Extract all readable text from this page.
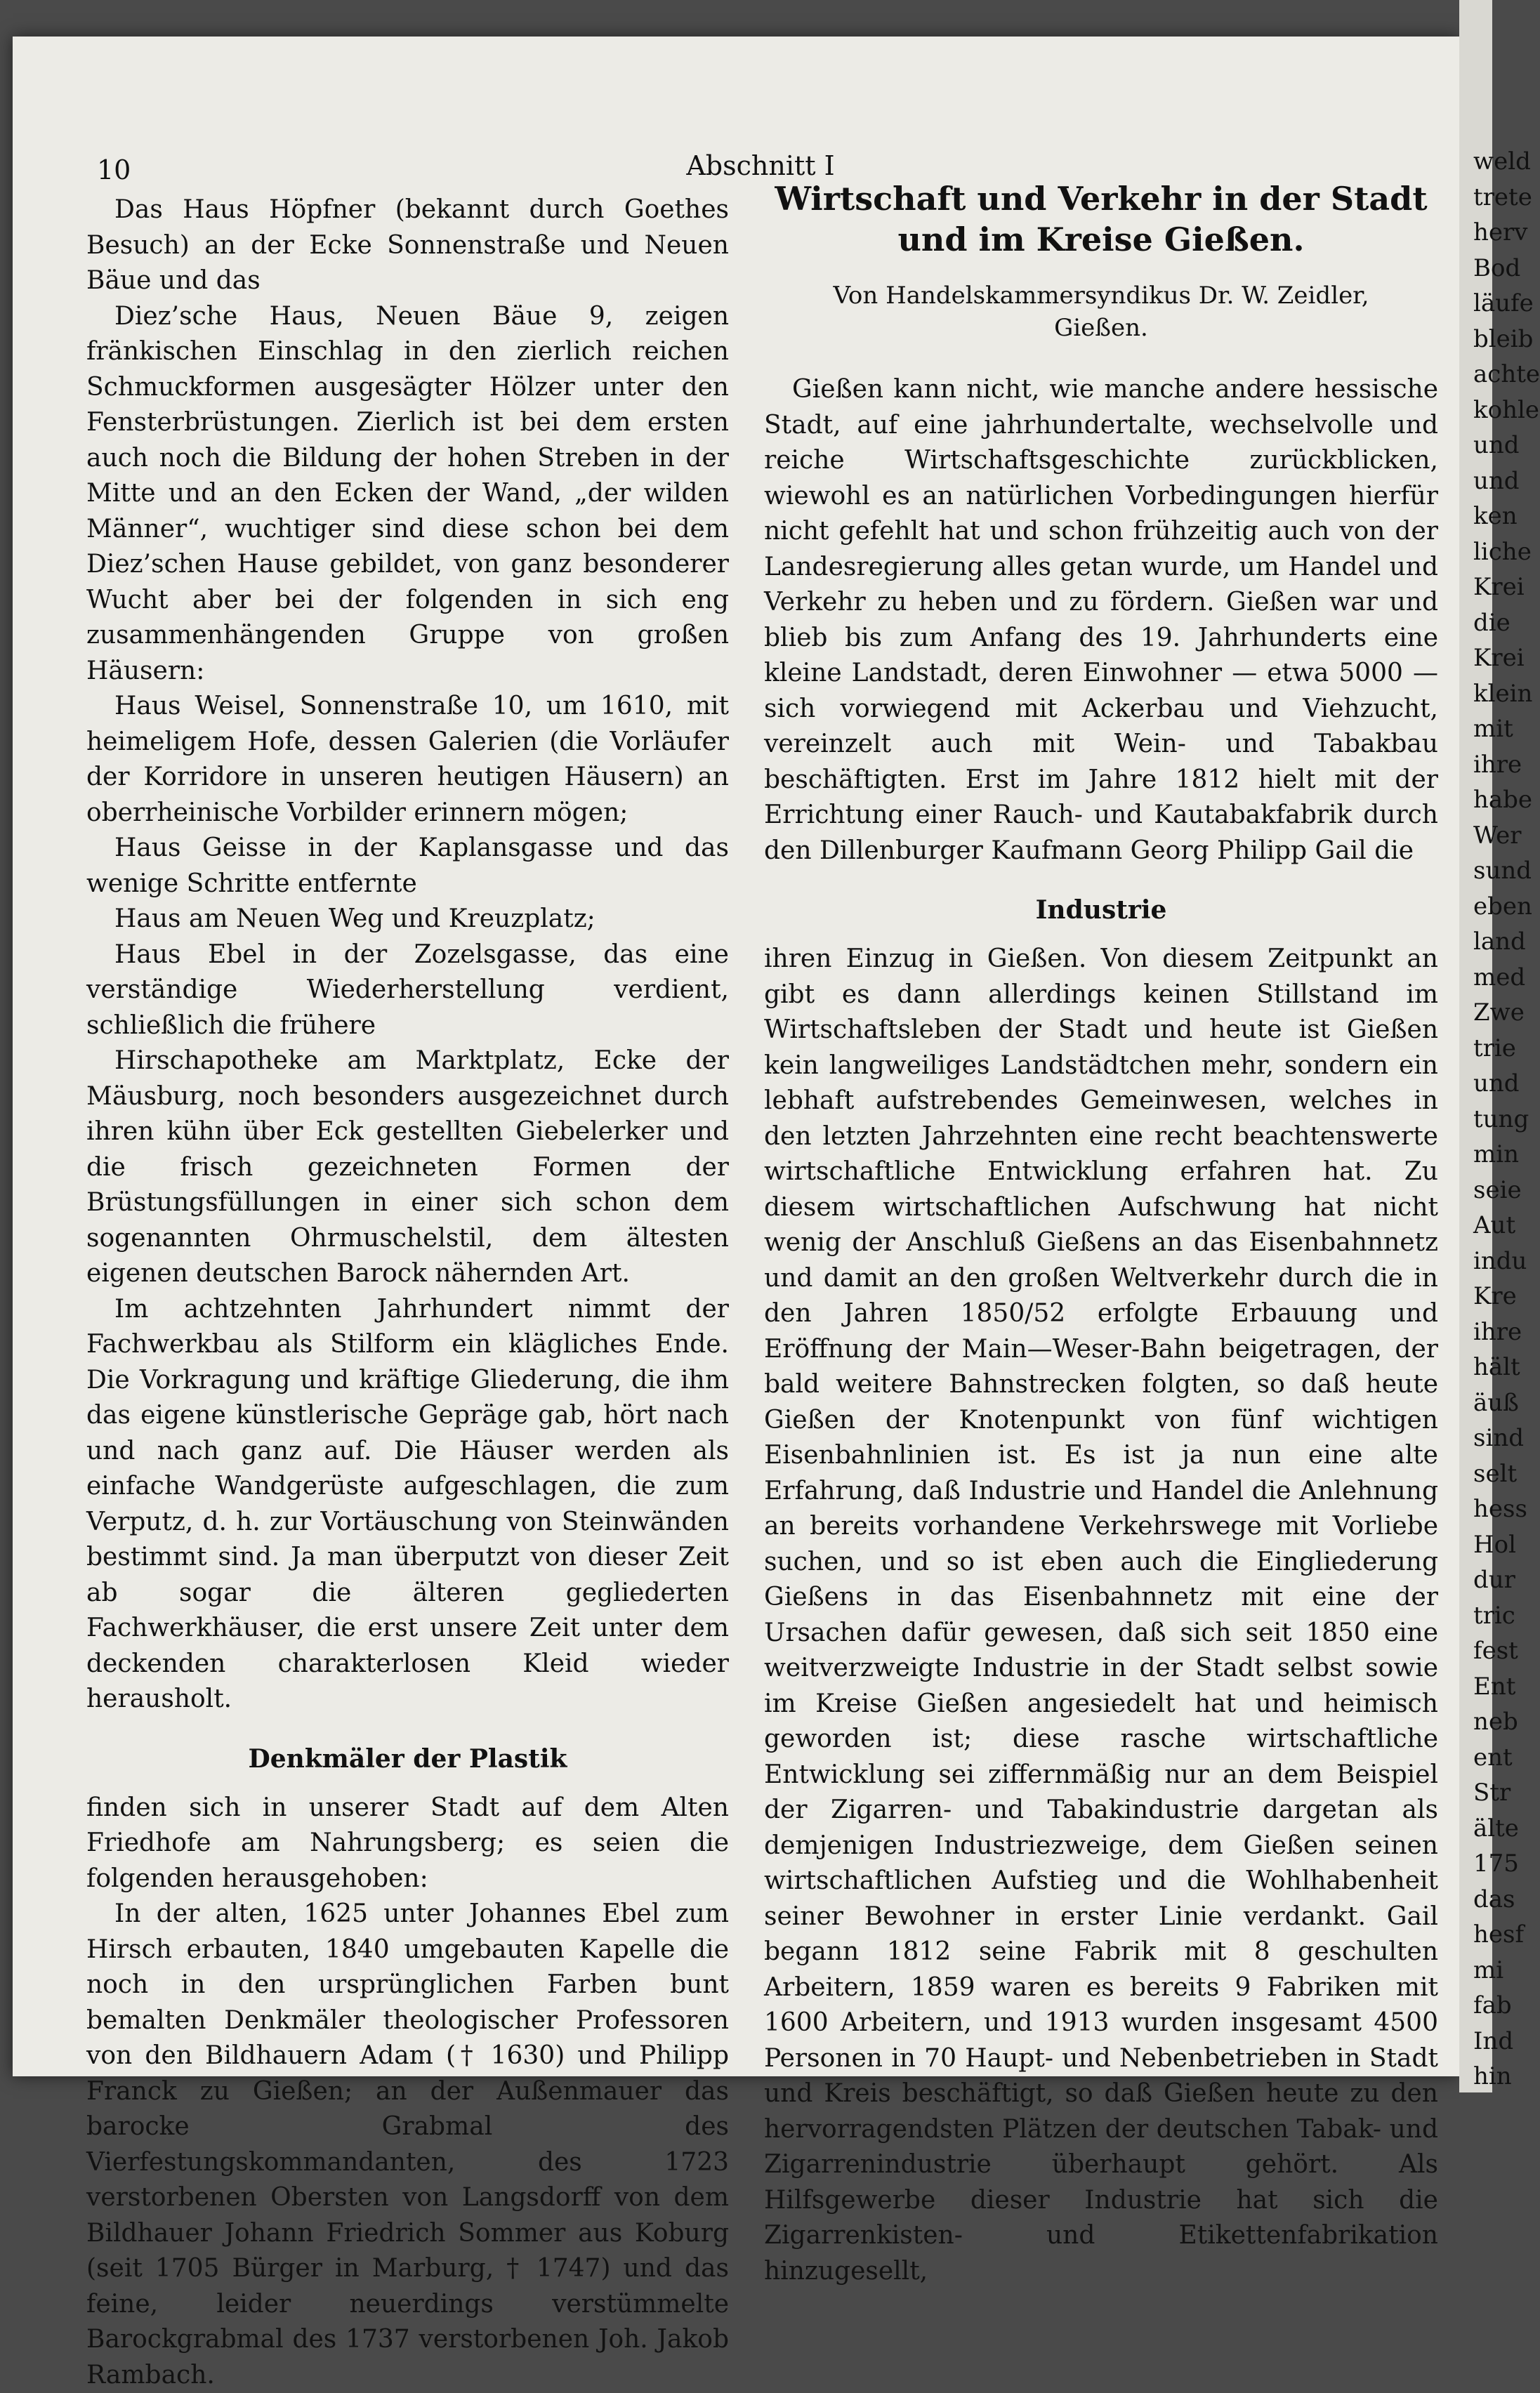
10	Abschnitt I

Das Haus Höpfner (bekannt durch Goethes Besuch) an der Ecke Sonnenstraße und Neuen Bäue und das

Diez’sche Haus, Neuen Bäue 9, zeigen fränkischen Einschlag in den zierlich reichen Schmuckformen ausgesägter Hölzer unter den Fensterbrüstungen. Zierlich ist bei dem ersten auch noch die Bildung der hohen Streben in der Mitte und an den Ecken der Wand, „der wilden Männer“, wuchtiger sind diese schon bei dem Diez’schen Hause gebildet, von ganz besonderer Wucht aber bei der folgenden in sich eng zusammenhängenden Gruppe von großen Häusern:

Haus Weisel, Sonnenstraße 10, um 1610, mit heimeligem Hofe, dessen Galerien (die Vorläufer der Korridore in unseren heutigen Häusern) an oberrheinische Vorbilder erinnern mögen;

Haus Geisse in der Kaplansgasse und das wenige Schritte entfernte

Haus am Neuen Weg und Kreuzplatz;

Haus Ebel in der Zozelsgasse, das eine verständige Wiederherstellung verdient, schließlich die frühere

Hirschapotheke am Marktplatz, Ecke der Mäusburg, noch besonders ausgezeichnet durch ihren kühn über Eck gestellten Giebelerker und die frisch gezeichneten Formen der Brüstungsfüllungen in einer sich schon dem sogenannten Ohrmuschelstil, dem ältesten eigenen deutschen Barock nähernden Art.

Im achtzehnten Jahrhundert nimmt der Fachwerkbau als Stilform ein klägliches Ende. Die Vorkragung und kräftige Gliederung, die ihm das eigene künstlerische Gepräge gab, hört nach und nach ganz auf. Die Häuser werden als einfache Wandgerüste aufgeschlagen, die zum Verputz, d. h. zur Vortäuschung von Steinwänden bestimmt sind. Ja man überputzt von dieser Zeit ab sogar die älteren gegliederten Fachwerkhäuser, die erst unsere Zeit unter dem deckenden charakterlosen Kleid wieder herausholt.

Denkmäler der Plastik

finden sich in unserer Stadt auf dem Alten Friedhofe am Nahrungsberg; es seien die folgenden herausgehoben:

In der alten, 1625 unter Johannes Ebel zum Hirsch erbauten, 1840 umgebauten Kapelle die noch in den ursprünglichen Farben bunt bemalten Denkmäler theologischer Professoren von den Bildhauern Adam († 1630) und Philipp Franck zu Gießen; an der Außenmauer das barocke Grabmal des Vierfestungskommandanten, des 1723 verstorbenen Obersten von Langsdorff von dem Bildhauer Johann Friedrich Sommer aus Koburg (seit 1705 Bürger in Marburg, † 1747) und das feine, leider neuerdings verstümmelte Barockgrabmal des 1737 verstorbenen Joh. Jakob Rambach.

Wirtschaft und Verkehr in der Stadt
und im Kreise Gießen.
Von Handelskammersyndikus Dr. W. Zeidler,
Gießen.

Gießen kann nicht, wie manche andere hessische Stadt, auf eine jahrhundertalte, wechselvolle und reiche Wirtschaftsgeschichte zurückblicken, wiewohl es an natürlichen Vorbedingungen hierfür nicht gefehlt hat und schon frühzeitig auch von der Landesregierung alles getan wurde, um Handel und Verkehr zu heben und zu fördern. Gießen war und blieb bis zum Anfang des 19. Jahrhunderts eine kleine Landstadt, deren Einwohner — etwa 5000 — sich vorwiegend mit Ackerbau und Viehzucht, vereinzelt auch mit Wein- und Tabakbau beschäftigten. Erst im Jahre 1812 hielt mit der Errichtung einer Rauch- und Kautabakfabrik durch den Dillenburger Kaufmann Georg Philipp Gail die

Industrie

ihren Einzug in Gießen. Von diesem Zeitpunkt an gibt es dann allerdings keinen Stillstand im Wirtschaftsleben der Stadt und heute ist Gießen kein langweiliges Landstädtchen mehr, sondern ein lebhaft aufstrebendes Gemeinwesen, welches in den letzten Jahrzehnten eine recht beachtenswerte wirtschaftliche Entwicklung erfahren hat. Zu diesem wirtschaftlichen Aufschwung hat nicht wenig der Anschluß Gießens an das Eisenbahnnetz und damit an den großen Weltverkehr durch die in den Jahren 1850/52 erfolgte Erbauung und Eröffnung der Main—Weser-Bahn beigetragen, der bald weitere Bahnstrecken folgten, so daß heute Gießen der Knotenpunkt von fünf wichtigen Eisenbahnlinien ist. Es ist ja nun eine alte Erfahrung, daß Industrie und Handel die Anlehnung an bereits vorhandene Verkehrswege mit Vorliebe suchen, und so ist eben auch die Eingliederung Gießens in das Eisenbahnnetz mit eine der Ursachen dafür gewesen, daß sich seit 1850 eine weitverzweigte Industrie in der Stadt selbst sowie im Kreise Gießen angesiedelt hat und heimisch geworden ist; diese rasche wirtschaftliche Entwicklung sei ziffernmäßig nur an dem Beispiel der Zigarren- und Tabakindustrie dargetan als demjenigen Industriezweige, dem Gießen seinen wirtschaftlichen Aufstieg und die Wohlhabenheit seiner Bewohner in erster Linie verdankt. Gail begann 1812 seine Fabrik mit 8 geschulten Arbeitern, 1859 waren es bereits 9 Fabriken mit 1600 Arbeitern, und 1913 wurden insgesamt 4500 Personen in 70 Haupt- und Nebenbetrieben in Stadt und Kreis beschäftigt, so daß Gießen heute zu den hervorragendsten Plätzen der deutschen Tabak- und Zigarrenindustrie überhaupt gehört. Als Hilfsgewerbe dieser Industrie hat sich die Zigarrenkisten- und Etikettenfabrikation hinzugesellt,

weld
trete
herv
Bod
läufe
bleib
achte
kohle
und
und
ken
liche
Krei
die
Krei
klein
mit
ihre
habe
Wer
sund
eben
land
med
Zwe
trie
und
tung
min
seie
Aut
indu
Kre
ihre
hält
äuß
sind
selt
hess
Hol
dur
tric
fest
Ent
neb
ent
Str
älte
175
das
hesf
mi
fab
Ind
hin
